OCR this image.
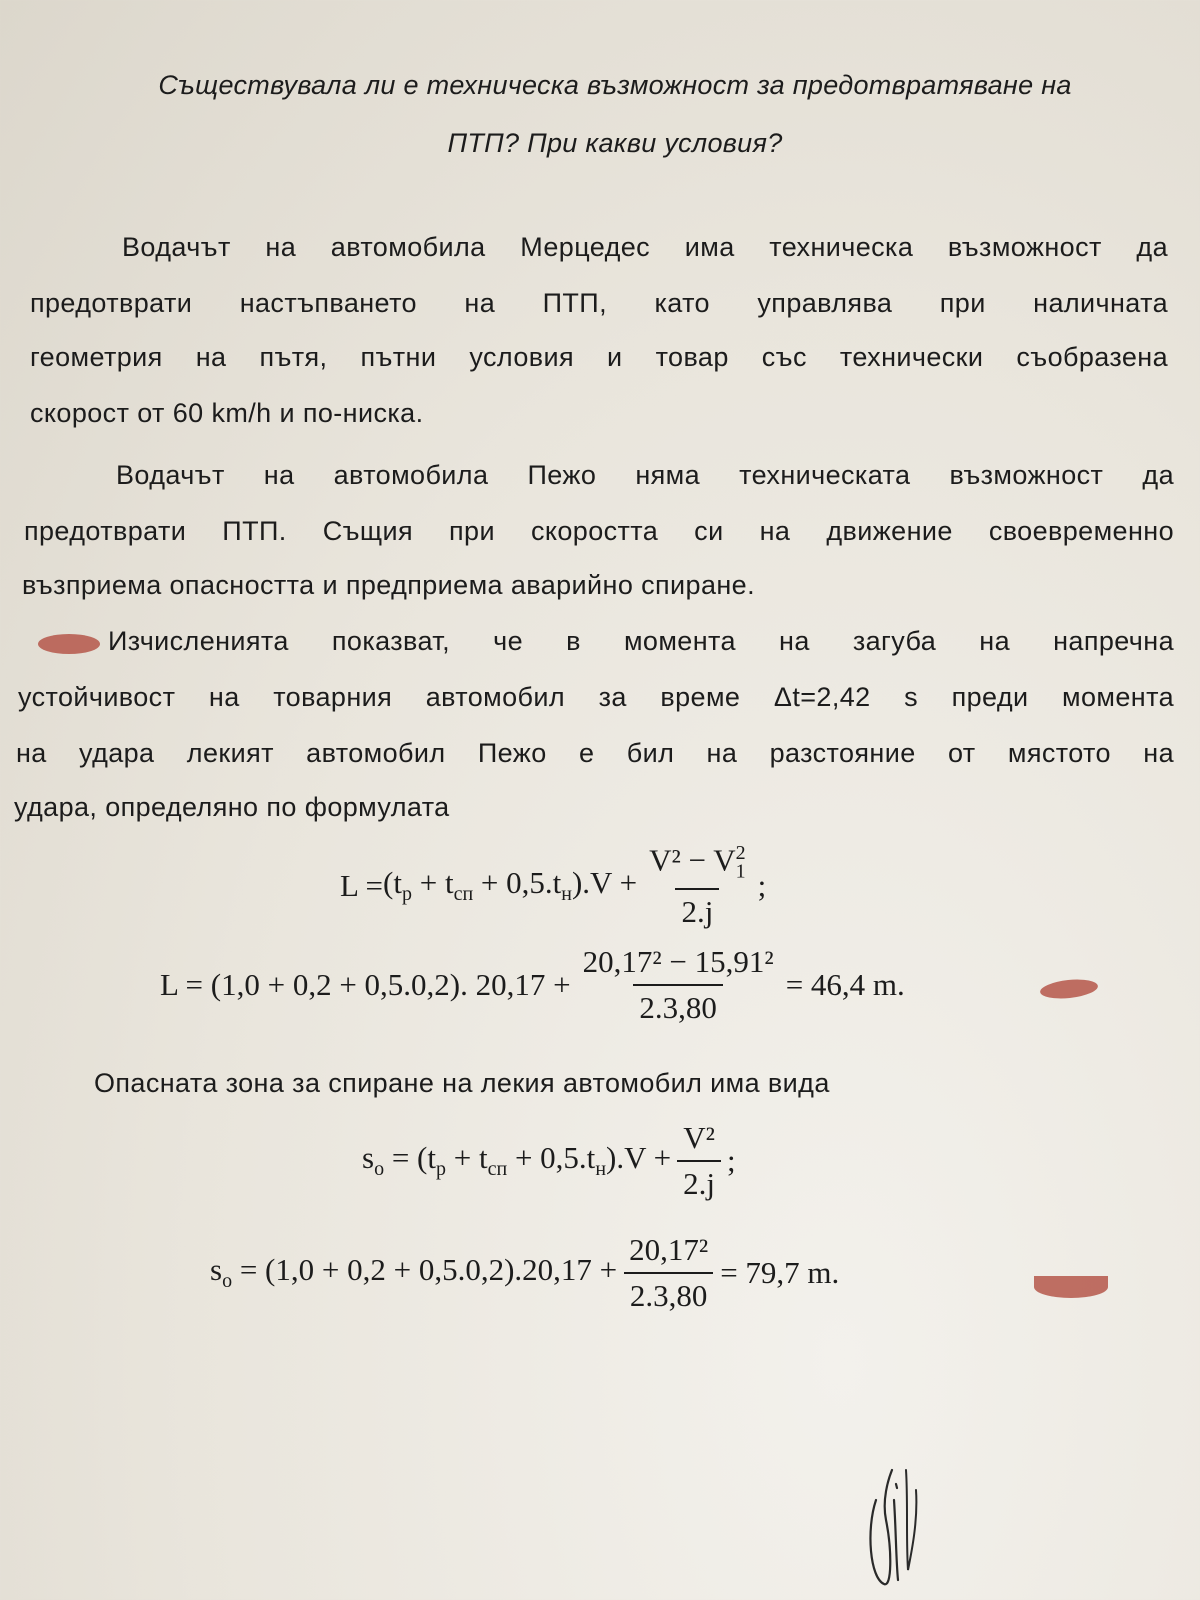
Съществувала ли е техническа възможност за предотвратяване на
ПТП? При какви условия?
Водачът на автомобила Мерцедес има техническа възможност да
предотврати настъпването на ПТП, като управлява при наличната
геометрия на пътя, пътни условия и товар със технически съобразена
скорост от 60 km/h и по-ниска.
Водачът на автомобила Пежо няма техническата възможност да
предотврати ПТП. Същия при скоростта си на движение своевременно
възприема опасността и предприема аварийно спиране.
Изчисленията показват, че в момента на загуба на напречна
устойчивост на товарния автомобил за време Δt=2,42 s преди момента
на удара лекият автомобил Пежо е бил на разстояние от мястото на
удара, определяно по формулата
$L = (t_р + t_{сп} + 0,5.t_н).V + \frac{V^2 - V_1^2}{2.j}$ ;
L = (1,0 + 0,2 + 0,5.0,2). $20,17 + \frac{\text{20,17² − 15,91²}}{2.3,80} = 46,4$ m.
Опасната зона за спиране на лекия автомобил има вида
$s_o = (t_р + t_{сп} + 0,5.t_н).V + \frac{\text{V²}}{2.j}$ ;
$s_o = (1,0 + 0,2 + 0,5.0,2).20,17 + \frac{\text{20,17²}}{2.3,80} = 79,7$ m.
